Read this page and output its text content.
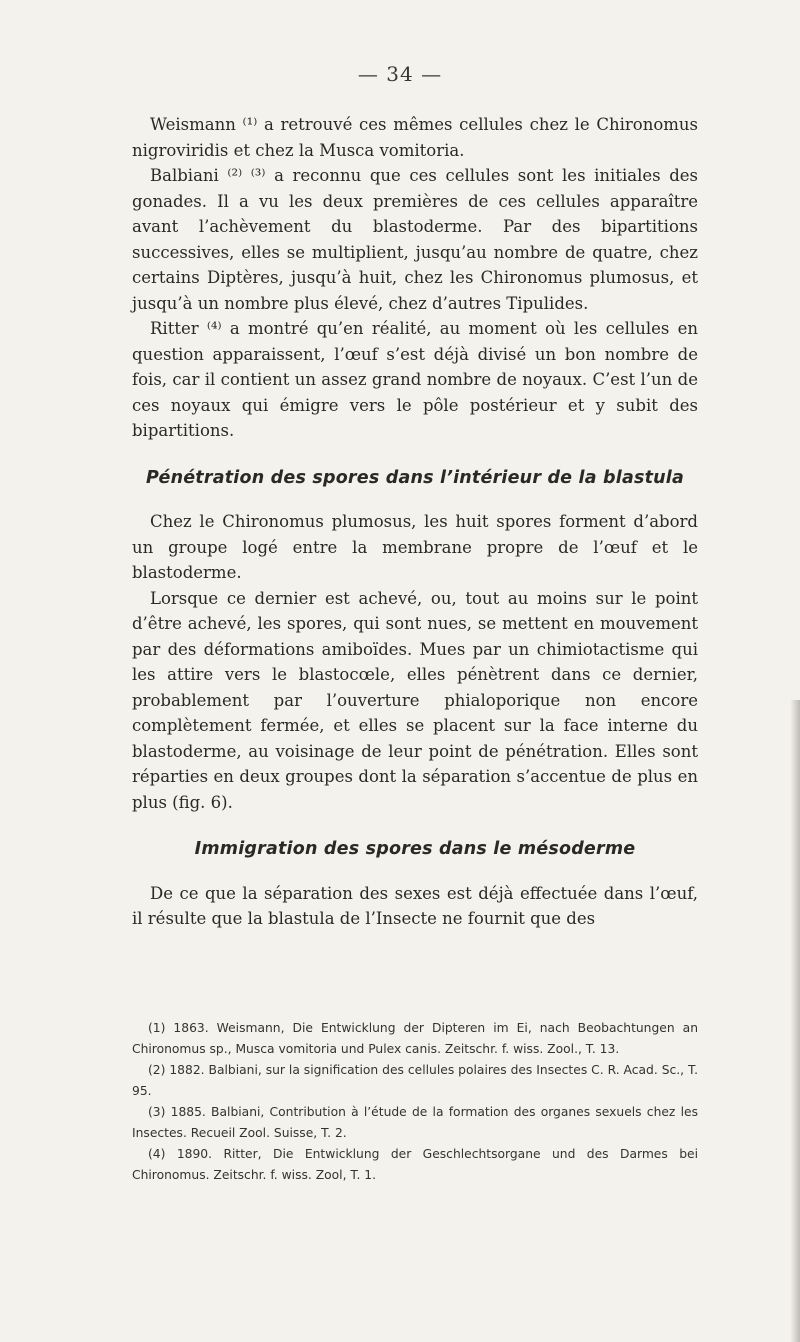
— 34 —

Weismann ⁽¹⁾ a retrouvé ces mêmes cellules chez le Chironomus nigroviridis et chez la Musca vomitoria.

Balbiani ⁽²⁾ ⁽³⁾ a reconnu que ces cellules sont les initiales des gonades. Il a vu les deux premières de ces cellules apparaître avant l’achèvement du blastoderme. Par des bipartitions successives, elles se multiplient, jusqu’au nombre de quatre, chez certains Diptères, jusqu’à huit, chez les Chironomus plumosus, et jusqu’à un nombre plus élevé, chez d’autres Tipulides.

Ritter ⁽⁴⁾ a montré qu’en réalité, au moment où les cellules en question apparaissent, l’œuf s’est déjà divisé un bon nombre de fois, car il contient un assez grand nombre de noyaux. C’est l’un de ces noyaux qui émigre vers le pôle postérieur et y subit des bipartitions.

Pénétration des spores dans l’intérieur de la blastula

Chez le Chironomus plumosus, les huit spores forment d’abord un groupe logé entre la membrane propre de l’œuf et le blastoderme.

Lorsque ce dernier est achevé, ou, tout au moins sur le point d’être achevé, les spores, qui sont nues, se mettent en mouvement par des déformations amiboïdes. Mues par un chimiotactisme qui les attire vers le blastocœle, elles pénètrent dans ce dernier, probablement par l’ouverture phialoporique non encore complètement fermée, et elles se placent sur la face interne du blastoderme, au voisinage de leur point de pénétration. Elles sont réparties en deux groupes dont la séparation s’accentue de plus en plus (fig. 6).

Immigration des spores dans le mésoderme

De ce que la séparation des sexes est déjà effectuée dans l’œuf, il résulte que la blastula de l’Insecte ne fournit que des

(1) 1863. Weismann, Die Entwicklung der Dipteren im Ei, nach Beobachtungen an Chironomus sp., Musca vomitoria und Pulex canis. Zeitschr. f. wiss. Zool., T. 13.

(2) 1882. Balbiani, sur la signification des cellules polaires des Insectes C. R. Acad. Sc., T. 95.

(3) 1885. Balbiani, Contribution à l’étude de la formation des organes sexuels chez les Insectes. Recueil Zool. Suisse, T. 2.

(4) 1890. Ritter, Die Entwicklung der Geschlechtsorgane und des Darmes bei Chironomus. Zeitschr. f. wiss. Zool, T. 1.
